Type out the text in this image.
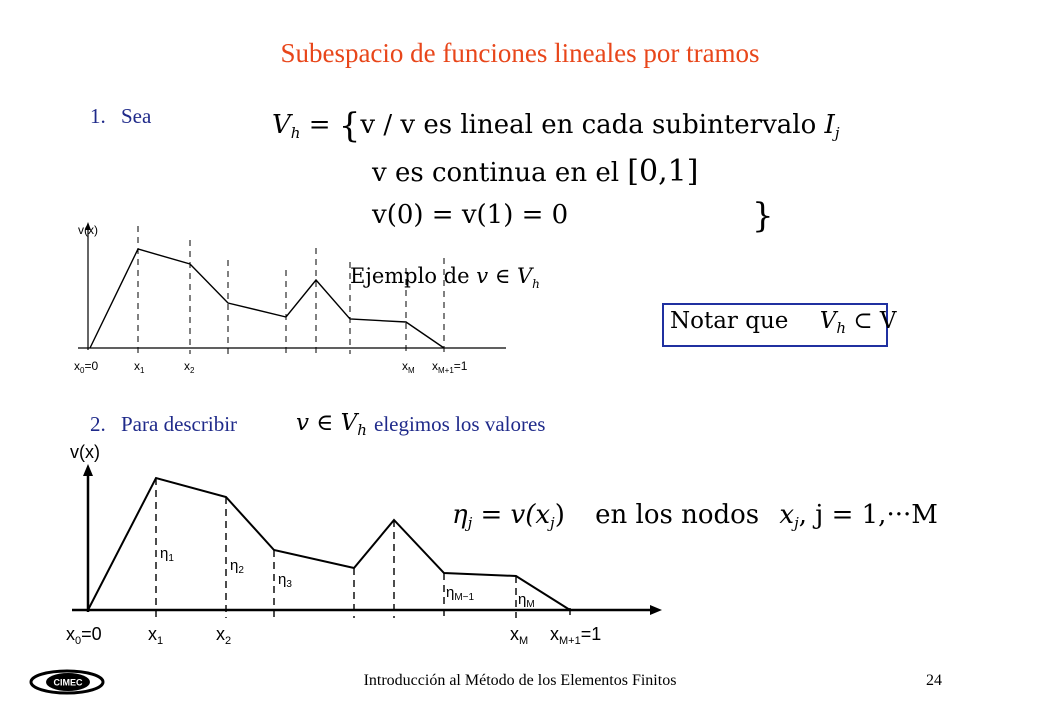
Subespacio de funciones lineales por tramos
1. Sea	$V_h = \{v / v$ es lineal en cada subintervalo $I_j$
v es continua en el [0,1]
v(0) = v(1) = 0	}
Ejemplo de v ∈ $V_h$
Notar que $V_h$ ⊂ V
v(x)
$x_0=0$	$x_1$	$x_2$	$x_M$ $x_{M+1}=1$
2. Para describir	v ∈ $V_h$ elegimos los valores
$\eta_j = v(x_j)$ en los nodos $x_j$, j = 1,···M
v(x)
$\eta_1$	$\eta_2$
$\eta_3$	$\eta_{M-1}$	$\eta_M$
$x_0=0$	$x_1$	$x_2$	$x_M$ $x_{M+1}=1$
CIMEC	Introducción al Método de los Elementos Finitos	24
